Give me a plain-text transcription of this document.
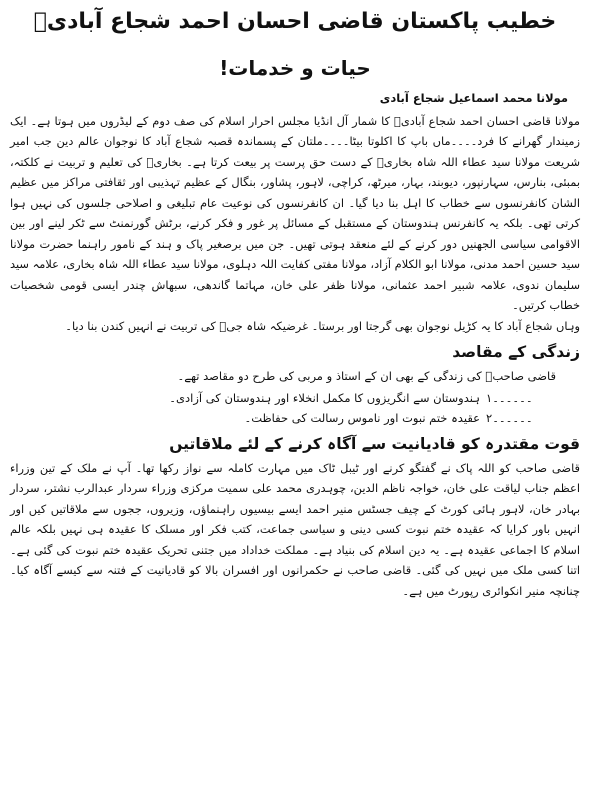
خطیب پاکستان قاضی احسان احمد شجاع آبادیؒ
حیات و خدمات!
مولانا محمد اسماعیل شجاع آبادی

مولانا قاضی احسان احمد شجاع آبادیؒ کا شمار آل انڈیا مجلس احرار اسلام کی صف دوم کے لیڈروں میں ہوتا ہے۔ ایک زمیندار گھرانے کا فرد۔۔۔۔ماں باپ کا اکلوتا بیٹا۔۔۔۔ملتان کے پسماندہ قصبہ شجاع آباد کا نوجوان عالم دین جب امیر شریعت مولانا سید عطاء اللہ شاہ بخاریؒ کے دست حق پرست پر بیعت کرتا ہے۔ بخاریؒ کی تعلیم و تربیت نے کلکتہ، بمبئی، بنارس، سہارنپور، دیوبند، بہار، میرٹھ، کراچی، لاہور، پشاور، بنگال کے عظیم تہذیبی اور ثقافتی مراکز میں عظیم الشان کانفرنسوں سے خطاب کا اہل بنا دیا گیا۔ ان کانفرنسوں کی نوعیت عام تبلیغی و اصلاحی جلسوں کی نہیں ہوا کرتی تھی۔ بلکہ یہ کانفرنس ہندوستان کے مستقبل کے مسائل پر غور و فکر کرنے، برٹش گورنمنٹ سے ٹکر لینے اور بین الاقوامی سیاسی الجھنیں دور کرنے کے لئے منعقد ہوتی تھیں۔ جن میں برصغیر پاک و ہند کے نامور راہنما حضرت مولانا سید حسین احمد مدنی، مولانا ابو الکلام آزاد، مولانا مفتی کفایت اللہ دہلوی، مولانا سید عطاء اللہ شاہ بخاری، علامہ سید سلیمان ندوی، علامہ شبیر احمد عثمانی، مولانا ظفر علی خان، مہاتما گاندھی، سبھاش چندر ایسی قومی شخصیات خطاب کرتیں۔

وہاں شجاع آباد کا یہ کڑیل نوجوان بھی گرجتا اور برستا۔ غرضیکہ شاہ جیؒ کی تربیت نے انہیں کندن بنا دیا۔

زندگی کے مقاصد
قاضی صاحبؒ کی زندگی کے بھی ان کے استاذ و مربی کی طرح دو مقاصد تھے۔
۱۔۔۔۔۔۔
ہندوستان سے انگریزوں کا مکمل انخلاء اور ہندوستان کی آزادی۔
۲۔۔۔۔۔۔
عقیدہ ختم نبوت اور ناموس رسالت کی حفاظت۔
قوت مقتدرہ کو قادیانیت سے آگاہ کرنے کے لئے ملاقاتیں

قاضی صاحب کو اللہ پاک نے گفتگو کرنے اور ٹیبل ٹاک میں مہارت کاملہ سے نواز رکھا تھا۔ آپ نے ملک کے تین وزراء اعظم جناب لیاقت علی خان، خواجہ ناظم الدین، چوہدری محمد علی سمیت مرکزی وزراء سردار عبدالرب نشتر، سردار بہادر خان، لاہور ہائی کورٹ کے چیف جسٹس منیر احمد ایسے بیسیوں راہنماؤں، وزیروں، ججوں سے ملاقاتیں کیں اور انہیں باور کرایا کہ عقیدہ ختم نبوت کسی دینی و سیاسی جماعت، کتب فکر اور مسلک کا عقیدہ ہی نہیں بلکہ عالم اسلام کا اجماعی عقیدہ ہے۔ یہ دین اسلام کی بنیاد ہے۔ مملکت خداداد میں جتنی تحریک عقیدہ ختم نبوت کی گئی ہے۔ اتنا کسی ملک میں نہیں کی گئی۔ قاضی صاحب نے حکمرانوں اور افسران بالا کو قادیانیت کے فتنہ سے کیسے آگاہ کیا۔ چنانچہ منیر انکوائری رپورٹ میں ہے۔
